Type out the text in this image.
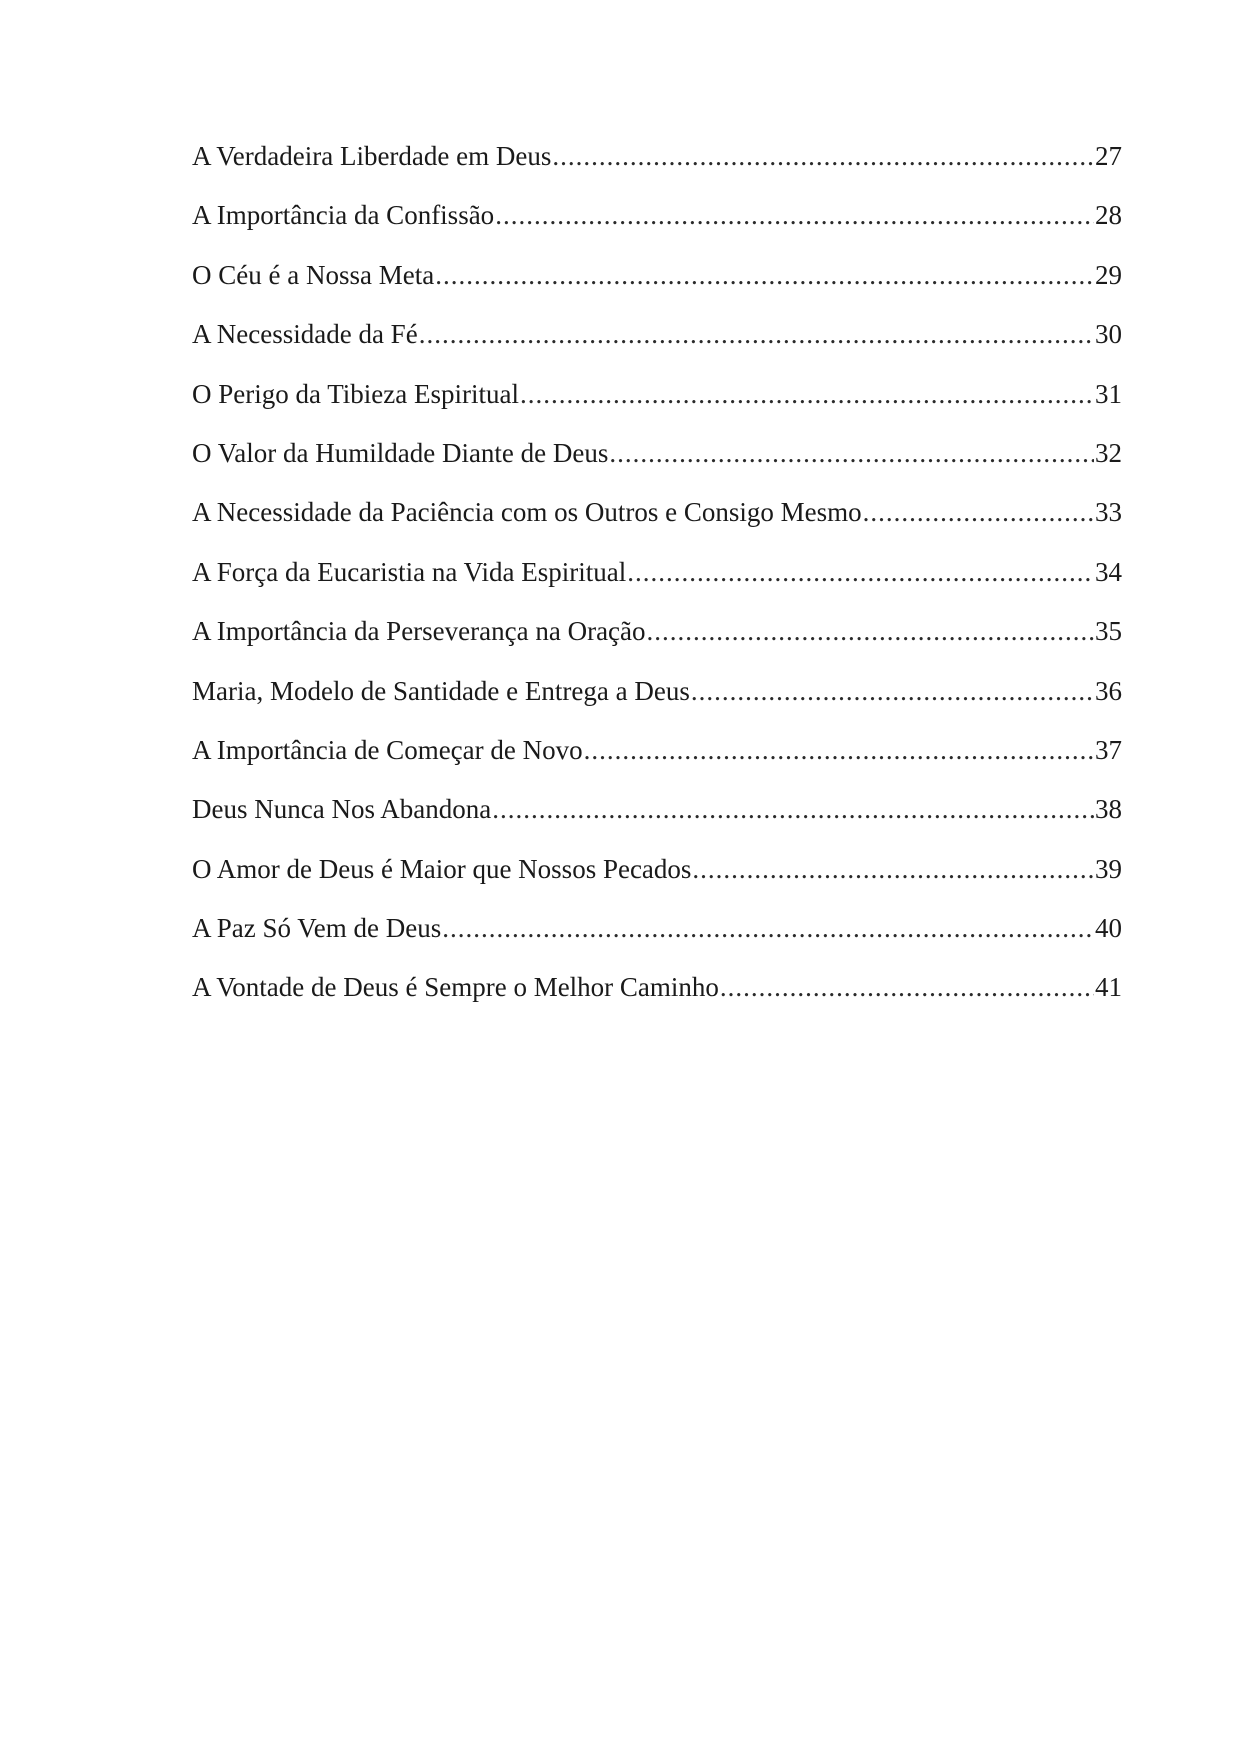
A Verdadeira Liberdade em Deus .....	27
A Importância da Confissão .....	28
O Céu é a Nossa Meta .....	29
A Necessidade da Fé .....	30
O Perigo da Tibieza Espiritual .....	31
O Valor da Humildade Diante de Deus .....	32
A Necessidade da Paciência com os Outros e Consigo Mesmo .....	33
A Força da Eucaristia na Vida Espiritual .....	34
A Importância da Perseverança na Oração .....	35
Maria, Modelo de Santidade e Entrega a Deus .....	36
A Importância de Começar de Novo .....	37
Deus Nunca Nos Abandona .....	38
O Amor de Deus é Maior que Nossos Pecados .....	39
A Paz Só Vem de Deus .....	40
A Vontade de Deus é Sempre o Melhor Caminho .....	41
